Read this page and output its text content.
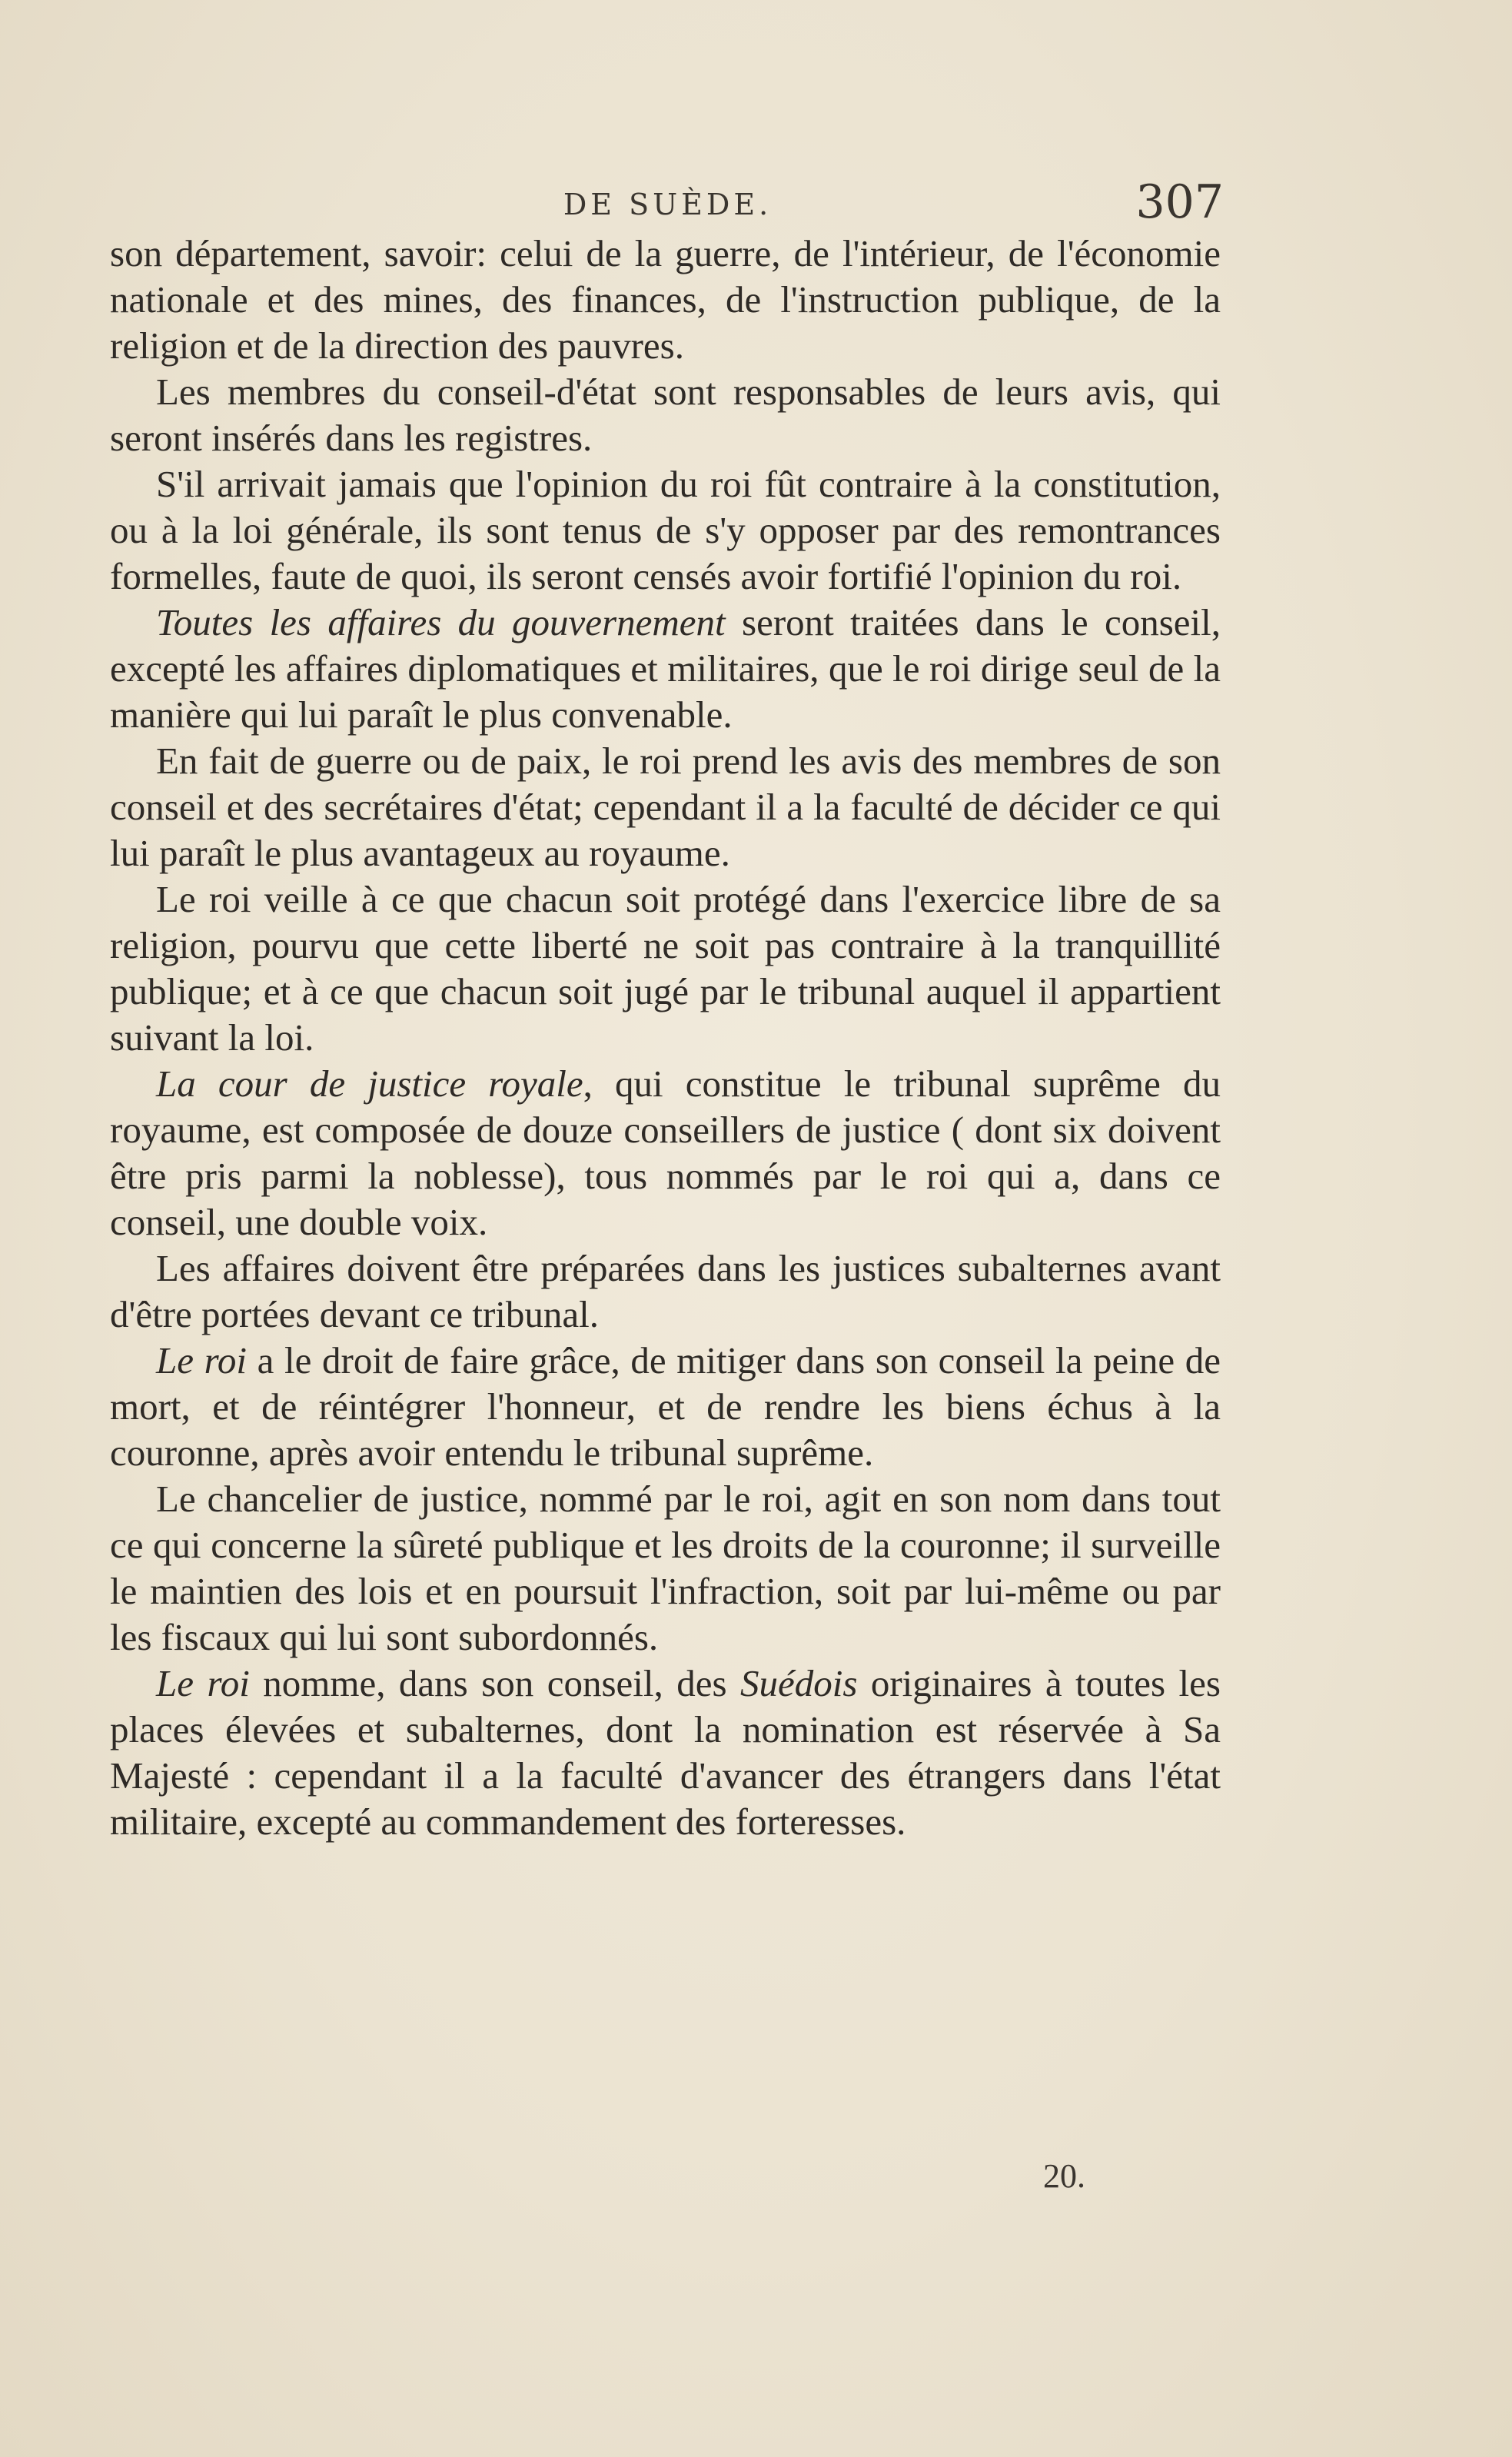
DE SUÈDE.	307

son département, savoir: celui de la guerre, de l'intérieur, de l'économie nationale et des mines, des finances, de l'instruction publique, de la religion et de la direction des pauvres.

Les membres du conseil-d'état sont responsables de leurs avis, qui seront insérés dans les registres.

S'il arrivait jamais que l'opinion du roi fût contraire à la constitution, ou à la loi générale, ils sont tenus de s'y opposer par des remontrances formelles, faute de quoi, ils seront censés avoir fortifié l'opinion du roi.

Toutes les affaires du gouvernement seront traitées dans le conseil, excepté les affaires diplomatiques et militaires, que le roi dirige seul de la manière qui lui paraît le plus convenable.

En fait de guerre ou de paix, le roi prend les avis des membres de son conseil et des secrétaires d'état; cependant il a la faculté de décider ce qui lui paraît le plus avantageux au royaume.

Le roi veille à ce que chacun soit protégé dans l'exercice libre de sa religion, pourvu que cette liberté ne soit pas contraire à la tranquillité publique; et à ce que chacun soit jugé par le tribunal auquel il appartient suivant la loi.

La cour de justice royale, qui constitue le tribunal suprême du royaume, est composée de douze conseillers de justice ( dont six doivent être pris parmi la noblesse), tous nommés par le roi qui a, dans ce conseil, une double voix.

Les affaires doivent être préparées dans les justices subalternes avant d'être portées devant ce tribunal.

Le roi a le droit de faire grâce, de mitiger dans son conseil la peine de mort, et de réintégrer l'honneur, et de rendre les biens échus à la couronne, après avoir entendu le tribunal suprême.

Le chancelier de justice, nommé par le roi, agit en son nom dans tout ce qui concerne la sûreté publique et les droits de la couronne; il surveille le maintien des lois et en poursuit l'infraction, soit par lui-même ou par les fiscaux qui lui sont subordonnés.

Le roi nomme, dans son conseil, des Suédois originaires à toutes les places élevées et subalternes, dont la nomination est réservée à Sa Majesté : cependant il a la faculté d'avancer des étrangers dans l'état militaire, excepté au commandement des forteresses.

20.
